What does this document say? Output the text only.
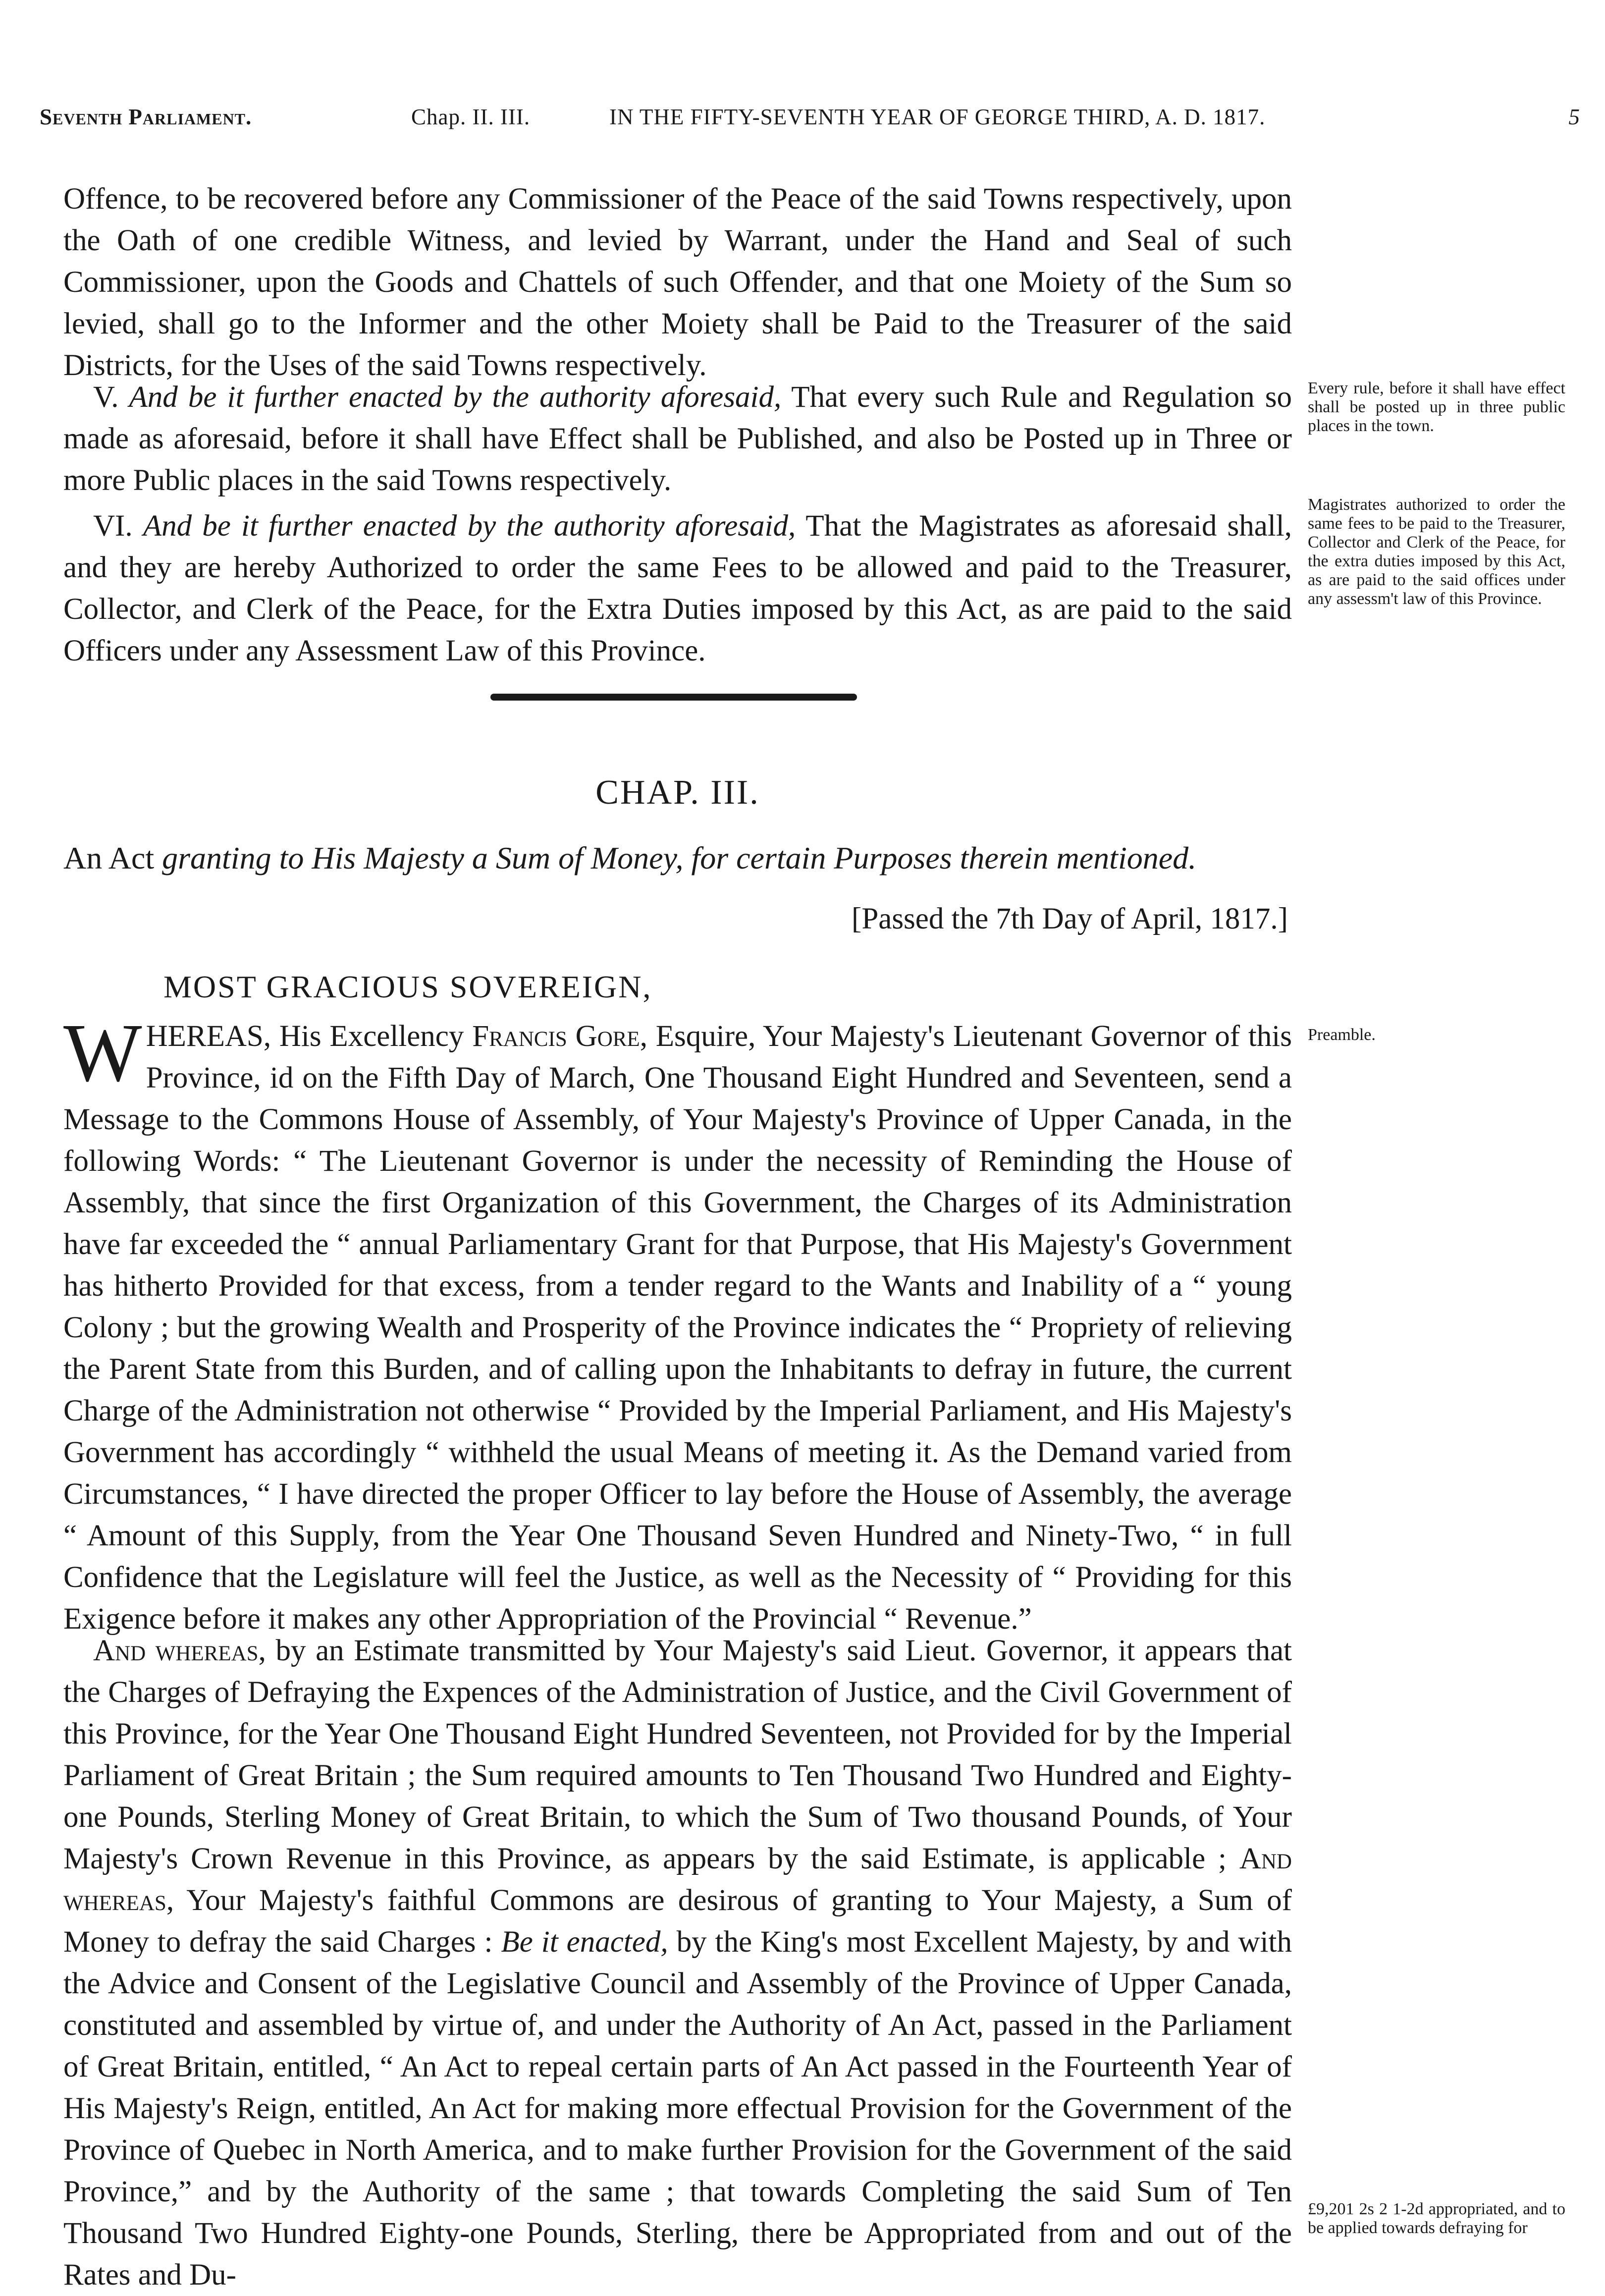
Seventh Parliament.	Chap. II. III.	IN THE FIFTY-SEVENTH YEAR OF GEORGE THIRD, A. D. 1817.	5

Offence, to be recovered before any Commissioner of the Peace of the said Towns respectively, upon the Oath of one credible Witness, and levied by Warrant, under the Hand and Seal of such Commissioner, upon the Goods and Chattels of such Offender, and that one Moiety of the Sum so levied, shall go to the Informer and the other Moiety shall be Paid to the Treasurer of the said Districts, for the Uses of the said Towns respectively.

V. And be it further enacted by the authority aforesaid, That every such Rule and Regulation so made as aforesaid, before it shall have Effect shall be Published, and also be Posted up in Three or more Public places in the said Towns respectively.

VI. And be it further enacted by the authority aforesaid, That the Magistrates as aforesaid shall, and they are hereby Authorized to order the same Fees to be allowed and paid to the Treasurer, Collector, and Clerk of the Peace, for the Extra Duties imposed by this Act, as are paid to the said Officers under any Assessment Law of this Province.

CHAP. III.
An Act granting to His Majesty a Sum of Money, for certain Purposes therein mentioned.
[Passed the 7th Day of April, 1817.]
MOST GRACIOUS SOVEREIGN,

W HEREAS, His Excellency Francis Gore, Esquire, Your Majesty's Lieutenant Governor of this Province, id on the Fifth Day of March, One Thousand Eight Hundred and Seventeen, send a Message to the Commons House of Assembly, of Your Majesty's Province of Upper Canada, in the following Words: “ The Lieutenant Governor is under the necessity of Reminding the House of Assembly, that since the first Organization of this Government, the Charges of its Administration have far exceeded the “ annual Parliamentary Grant for that Purpose, that His Majesty's Government has hitherto Provided for that excess, from a tender regard to the Wants and Inability of a “ young Colony ; but the growing Wealth and Prosperity of the Province indicates the “ Propriety of relieving the Parent State from this Burden, and of calling upon the Inhabitants to defray in future, the current Charge of the Administration not otherwise “ Provided by the Imperial Parliament, and His Majesty's Government has accordingly “ withheld the usual Means of meeting it. As the Demand varied from Circumstances, “ I have directed the proper Officer to lay before the House of Assembly, the average “ Amount of this Supply, from the Year One Thousand Seven Hundred and Ninety-Two, “ in full Confidence that the Legislature will feel the Justice, as well as the Necessity of “ Providing for this Exigence before it makes any other Appropriation of the Provincial “ Revenue.”

And whereas, by an Estimate transmitted by Your Majesty's said Lieut. Governor, it appears that the Charges of Defraying the Expences of the Administration of Justice, and the Civil Government of this Province, for the Year One Thousand Eight Hundred Seventeen, not Provided for by the Imperial Parliament of Great Britain ; the Sum required amounts to Ten Thousand Two Hundred and Eighty-one Pounds, Sterling Money of Great Britain, to which the Sum of Two thousand Pounds, of Your Majesty's Crown Revenue in this Province, as appears by the said Estimate, is applicable ; And whereas, Your Majesty's faithful Commons are desirous of granting to Your Majesty, a Sum of Money to defray the said Charges : Be it enacted, by the King's most Excellent Majesty, by and with the Advice and Consent of the Legislative Council and Assembly of the Province of Upper Canada, constituted and assembled by virtue of, and under the Authority of An Act, passed in the Parliament of Great Britain, entitled, “ An Act to repeal certain parts of An Act passed in the Fourteenth Year of His Majesty's Reign, entitled, An Act for making more effectual Provision for the Government of the Province of Quebec in North America, and to make further Provision for the Government of the said Province,” and by the Authority of the same ; that towards Completing the said Sum of Ten Thousand Two Hundred Eighty-one Pounds, Sterling, there be Appropriated from and out of the Rates and Du-

Every rule, before it shall have effect shall be posted up in three public places in the town.
Magistrates authorized to order the same fees to be paid to the Treasurer, Collector and Clerk of the Peace, for the extra duties imposed by this Act, as are paid to the said offices under any assessm't law of this Province.
Preamble.
£9,201 2s 2 1-2d appropriated, and to be applied towards defraying for
